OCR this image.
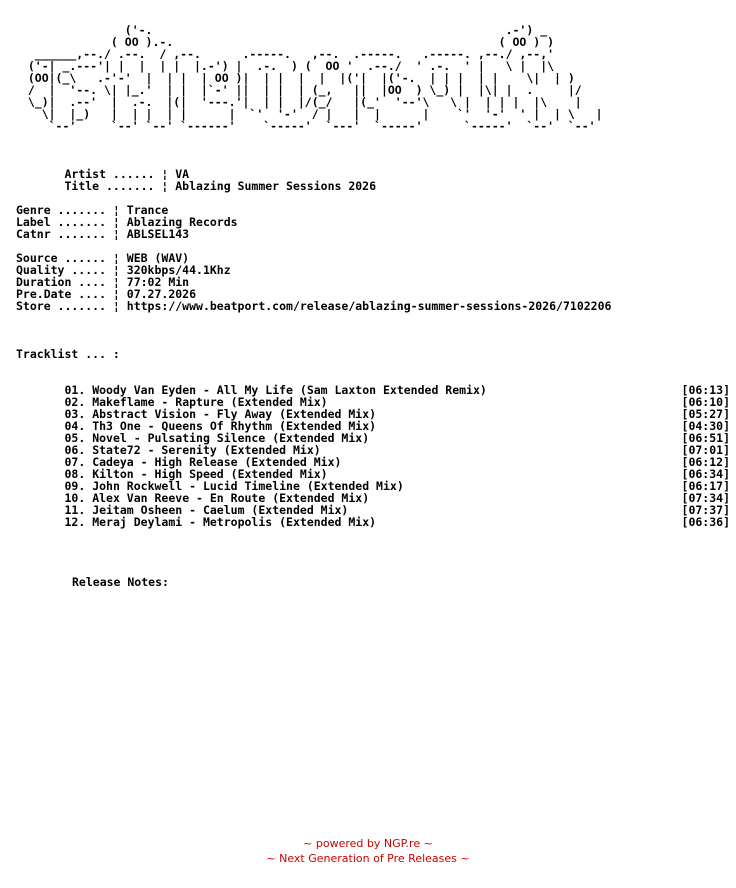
('-.                                                   .-') _
( OO ).-.                                               ( OO ) )
______,--./ .--.  / ,--.      .-----.   ,--.  .-----.   .-----. ,--./ ,--,'
('-| _.---'| |  |  | |  |.-') |  .-.  ) (  OO '  .--./  ' .-.  ' |   \ |  |\
(OO|(_\   .-'-'  |  | |  | OO )|  | |  |  |  |('|  |('-.  | | |  | |    \|  | )
/  |  '--. \| |_.'  | |  |`-' ||  | |  | (_,   ||  |OO  ) \_) |  |\| |  .     |/
\_)|  .--'  |  .-.  |(|  '---.'|  | |  |/(_/   |(_'  '--'\   \ |  | | |  |\    |
\|  |_)   |  | |  | |      |  `'  '-'  / |   |  |      |    `'  '-'  ' |  | \   |
`--'     `--' `--' `------'    `-----'  `---'  `-----'      `-----'  `--'  `--'
Artist ...... ¦ VA
Title ....... ¦ Ablazing Summer Sessions 2026
Genre ....... ¦ Trance
Label ....... ¦ Ablazing Records
Catnr ....... ¦ ABLSEL143
Source ...... ¦ WEB (WAV)
Quality ..... ¦ 320kbps/44.1Khz
Duration .... ¦ 77:02 Min
Pre.Date .... ¦ 07.27.2026
Store ....... ¦ https://www.beatport.com/release/ablazing-summer-sessions-2026/7102206
Tracklist ... :
01. Woody Van Eyden - All My Life (Sam Laxton Extended Remix)	[06:13]
02. Makeflame - Rapture (Extended Mix)	[06:10]
03. Abstract Vision - Fly Away (Extended Mix)	[05:27]
04. Th3 One - Queens Of Rhythm (Extended Mix)	[04:30]
05. Novel - Pulsating Silence (Extended Mix)	[06:51]
06. State72 - Serenity (Extended Mix)	[07:01]
07. Cadeya - High Release (Extended Mix)	[06:12]
08. Kilton - High Speed (Extended Mix)	[06:34]
09. John Rockwell - Lucid Timeline (Extended Mix)	[06:17]
10. Alex Van Reeve - En Route (Extended Mix)	[07:34]
11. Jeitam Osheen - Caelum (Extended Mix)	[07:37]
12. Meraj Deylami - Metropolis (Extended Mix)	[06:36]
Release Notes:
~ powered by NGP.re ~
~ Next Generation of Pre Releases ~
